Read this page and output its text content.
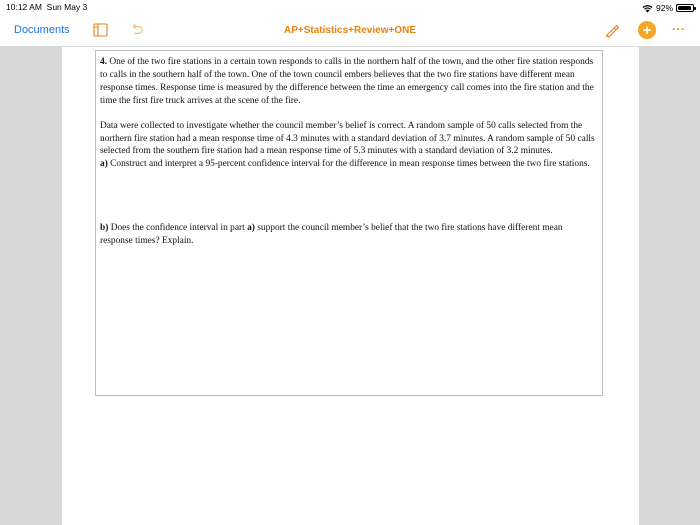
10:12 AM Sun May 3	92%
Documents	AP+Statistics+Review+ONE	+	···

4. One of the two fire stations in a certain town responds to calls in the northern half of the town, and the other fire station responds to calls in the southern half of the town. One of the town council embers believes that the two fire stations have different mean response times. Response time is measured by the difference between the time an emergency call comes into the fire station and the time the first fire truck arrives at the scene of the fire.

Data were collected to investigate whether the council member’s belief is correct. A random sample of 50 calls selected from the northern fire station had a mean response time of 4.3 minutes with a standard deviation of 3.7 minutes. A random sample of 50 calls selected from the southern fire station had a mean response time of 5.3 minutes with a standard deviation of 3.2 minutes.

a) Construct and interpret a 95-percent confidence interval for the difference in mean response times between the two fire stations.

b) Does the confidence interval in part a) support the council member’s belief that the two fire stations have different mean response times? Explain.
